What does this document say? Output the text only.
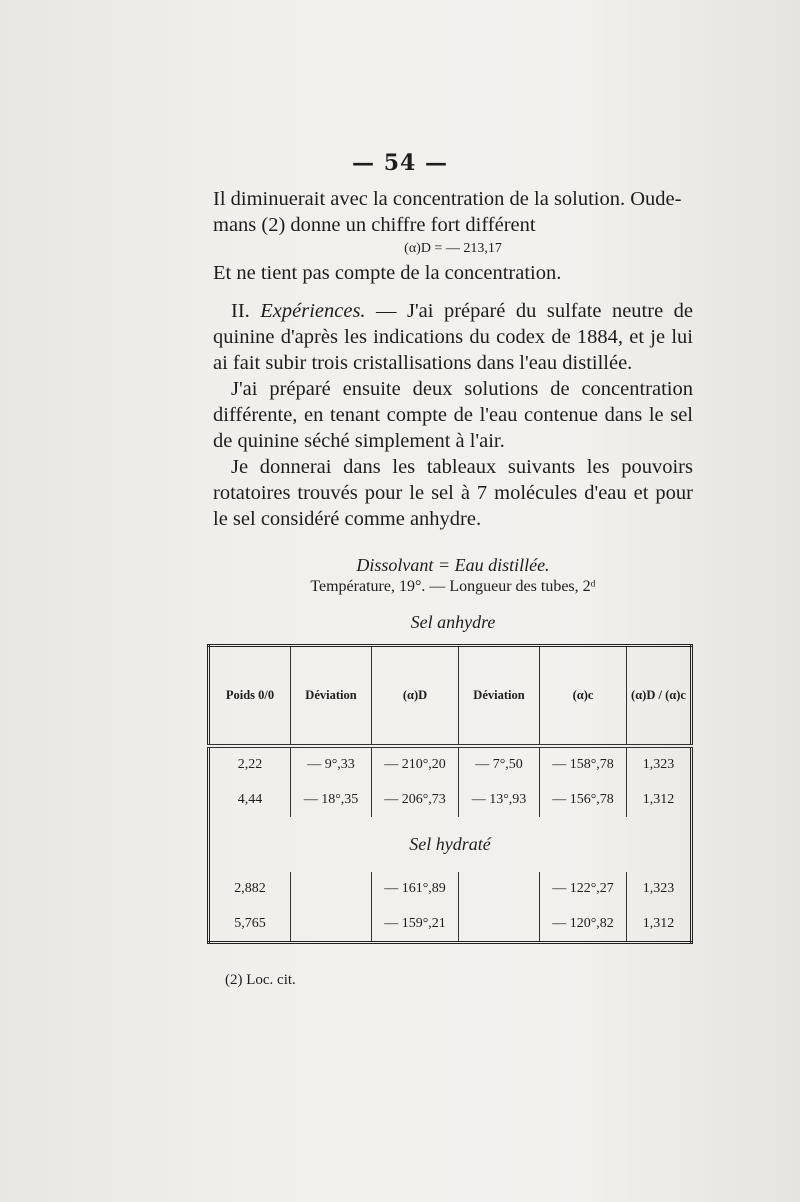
— 54 —

Il diminuerait avec la concentration de la solution. Oude-

mans (2) donne un chiffre fort différent

(α)D = — 213,17

Et ne tient pas compte de la concentration.

II. Expériences. — J'ai préparé du sulfate neutre de quinine d'après les indications du codex de 1884, et je lui ai fait subir trois cristallisations dans l'eau distillée.

J'ai préparé ensuite deux solutions de concentration différente, en tenant compte de l'eau contenue dans le sel de quinine séché simplement à l'air.

Je donnerai dans les tableaux suivants les pouvoirs rotatoires trouvés pour le sel à 7 molécules d'eau et pour le sel considéré comme anhydre.

Dissolvant = Eau distillée.
Température, 19°. — Longueur des tubes, 2ᵈ
Sel anhydre
Poids 0/0	Déviation	(α)D	Déviation	(α)c	(α)D / (α)c
2,22	— 9°,33	— 210°,20	— 7°,50	— 158°,78	1,323
4,44	— 18°,35	— 206°,73	— 13°,93	— 156°,78	1,312
Sel hydraté					
2,882		— 161°,89		— 122°,27	1,323
5,765		— 159°,21		— 120°,82	1,312
(2) Loc. cit.
